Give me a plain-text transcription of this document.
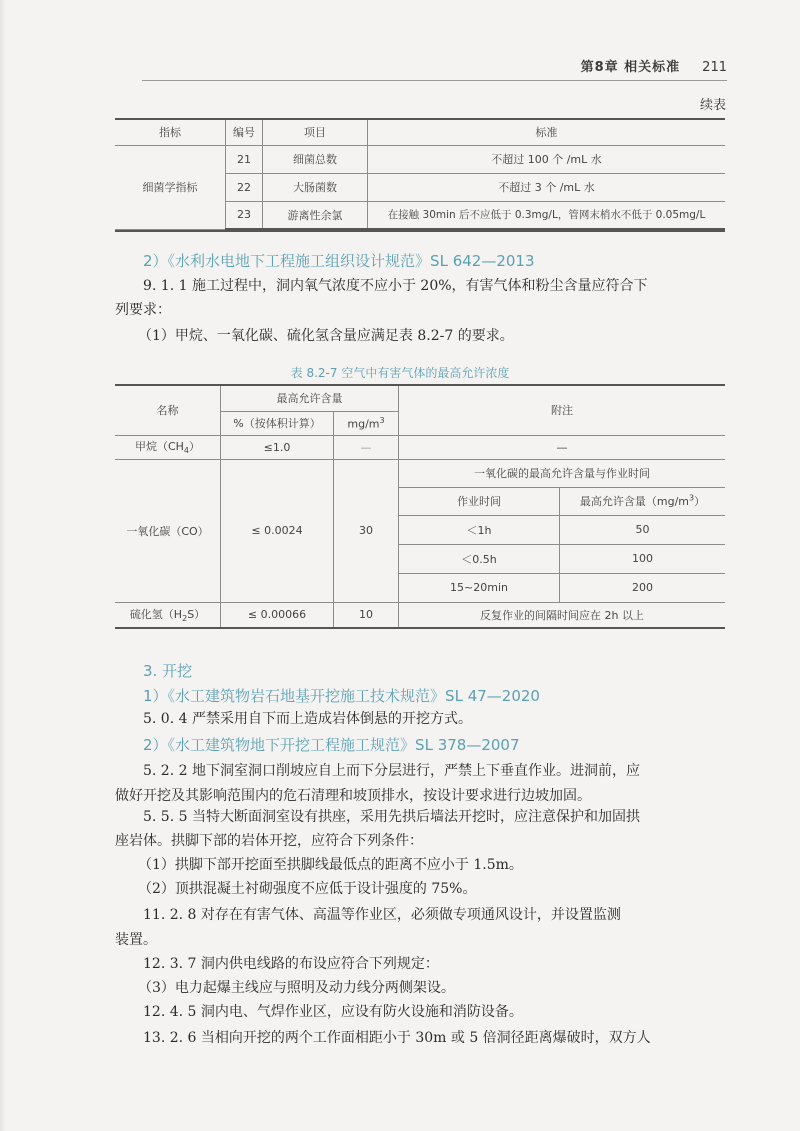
第8章 相关标准 211
续表
指标	编号	项目	标准
细菌学指标	21	细菌总数	不超过 100 个 /mL 水
	22	大肠菌数	不超过 3 个 /mL 水
	23	游离性余氯	在接触 30min 后不应低于 0.3mg/L，管网末梢水不低于 0.05mg/L
2）《水利水电地下工程施工组织设计规范》SL 642—2013
9. 1. 1 施工过程中，洞内氧气浓度不应小于 20%，有害气体和粉尘含量应符合下
列要求：
（1）甲烷、一氧化碳、硫化氢含量应满足表 8.2-7 的要求。
表 8.2-7 空气中有害气体的最高允许浓度
名称	最高允许含量		附注	
	%（按体积计算）	$mg/m^3$
甲烷$(CH_4)$	≤1.0	—	—	
一氧化碳（CO）	≤ 0.0024	30	一氧化碳的最高允许含量与作业时间	
			作业时间	最高允许含量$(mg/m^3)$
			＜1h	50
			＜0.5h	100
			15~20min	200
硫化氢$(H_2S)$	≤ 0.00066	10	反复作业的间隔时间应在 2h 以上	
3. 开挖
1）《水工建筑物岩石地基开挖施工技术规范》SL 47—2020
5. 0. 4 严禁采用自下而上造成岩体倒悬的开挖方式。
2）《水工建筑物地下开挖工程施工规范》SL 378—2007
5. 2. 2 地下洞室洞口削坡应自上而下分层进行，严禁上下垂直作业。进洞前，应
做好开挖及其影响范围内的危石清理和坡顶排水，按设计要求进行边坡加固。
5. 5. 5 当特大断面洞室设有拱座，采用先拱后墙法开挖时，应注意保护和加固拱
座岩体。拱脚下部的岩体开挖，应符合下列条件：
（1）拱脚下部开挖面至拱脚线最低点的距离不应小于 1.5m。
（2）顶拱混凝土衬砌强度不应低于设计强度的 75%。
11. 2. 8 对存在有害气体、高温等作业区，必须做专项通风设计，并设置监测
装置。
12. 3. 7 洞内供电线路的布设应符合下列规定：
（3）电力起爆主线应与照明及动力线分两侧架设。
12. 4. 5 洞内电、气焊作业区，应设有防火设施和消防设备。
13. 2. 6 当相向开挖的两个工作面相距小于 30m 或 5 倍洞径距离爆破时，双方人
